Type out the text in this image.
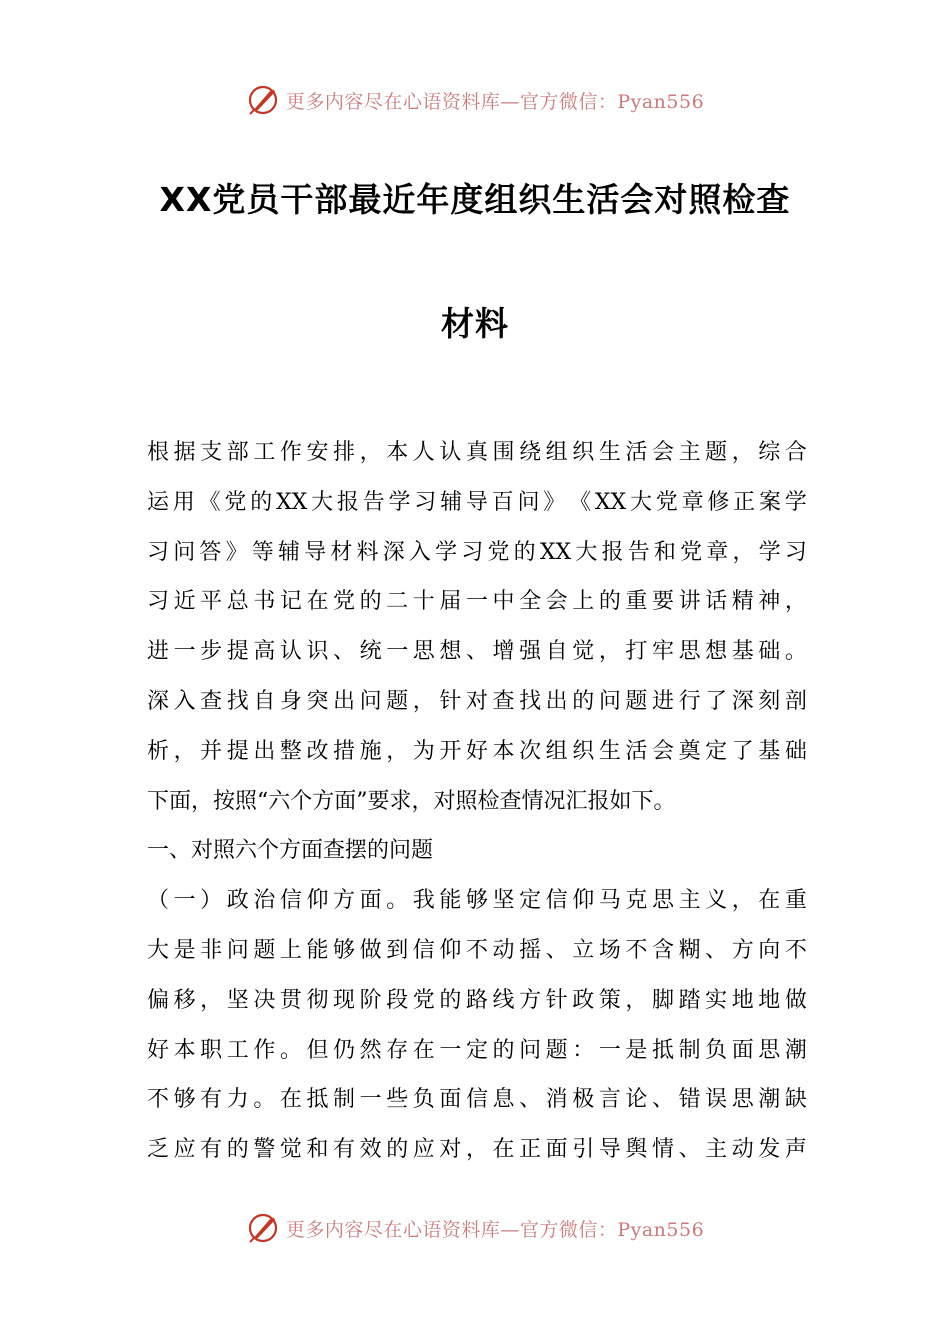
更多内容尽在心语资料库—官方微信：Pyan556
XX党员干部最近年度组织生活会对照检查
材料
根 据 支 部 工 作 安 排 ， 本 人 认 真 围 绕 组 织 生 活 会 主 题 ， 综 合
运 用 《 党 的 XX 大 报 告 学 习 辅 导 百 问 》 《 XX 大 党 章 修 正 案 学
习 问 答 》 等 辅 导 材 料 深 入 学 习 党 的 XX 大 报 告 和 党 章 ， 学 习
习 近 平 总 书 记 在 党 的 二 十 届 一 中 全 会 上 的 重 要 讲 话 精 神 ，
进 一 步 提 高 认 识 、 统 一 思 想 、 增 强 自 觉 ， 打 牢 思 想 基 础 。
深 入 查 找 自 身 突 出 问 题 ， 针 对 查 找 出 的 问 题 进 行 了 深 刻 剖
析 ， 并 提 出 整 改 措 施 ， 为 开 好 本 次 组 织 生 活 会 奠 定 了 基 础
下面，按照“六个方面”要求，对照检查情况汇报如下。
一、对照六个方面查摆的问题
（ 一 ） 政 治 信 仰 方 面 。 我 能 够 坚 定 信 仰 马 克 思 主 义 ， 在 重
大 是 非 问 题 上 能 够 做 到 信 仰 不 动 摇 、 立 场 不 含 糊 、 方 向 不
偏 移 ， 坚 决 贯 彻 现 阶 段 党 的 路 线 方 针 政 策 ， 脚 踏 实 地 地 做
好 本 职 工 作 。 但 仍 然 存 在 一 定 的 问 题 ： 一 是 抵 制 负 面 思 潮
不 够 有 力 。 在 抵 制 一 些 负 面 信 息 、 消 极 言 论 、 错 误 思 潮 缺
乏 应 有 的 警 觉 和 有 效 的 应 对 ， 在 正 面 引 导 舆 情 、 主 动 发 声
更多内容尽在心语资料库—官方微信：Pyan556
